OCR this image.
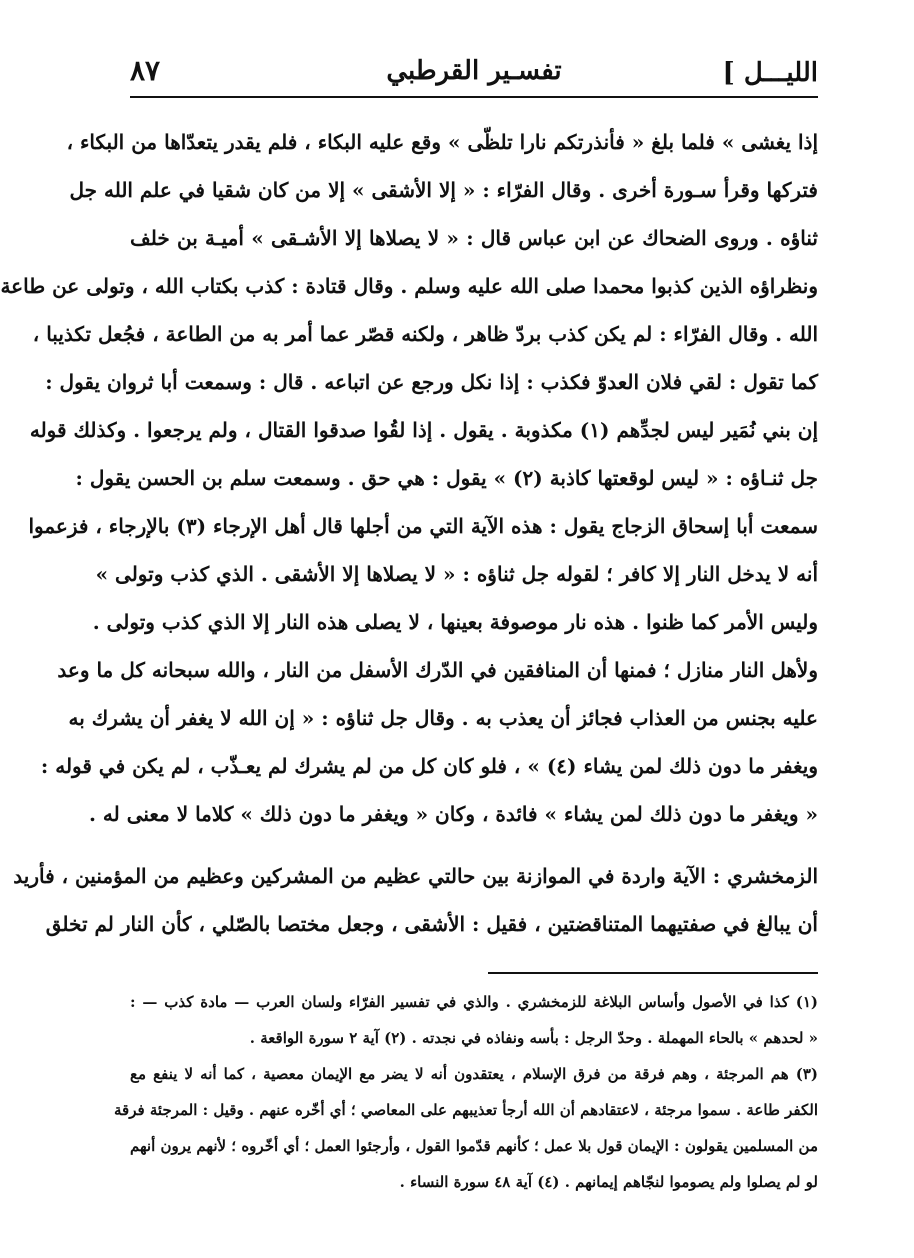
الليـــل ]
تفسـير القرطبي
٨٧
إذا يغشى » فلما بلغ « فأنذرتكم نارا تلظّى » وقع عليه البكاء ، فلم يقدر يتعدّاها من البكاء ،
فتركها وقرأ سـورة أخرى . وقال الفرّاء : « إلا الأشقى » إلا من كان شقيا في علم الله جل
ثناؤه . وروى الضحاك عن ابن عباس قال : « لا يصلاها إلا الأشـقى » أميـة بن خلف
ونظراؤه الذين كذبوا محمدا صلى الله عليه وسلم . وقال قتادة : كذب بكتاب الله ، وتولى عن طاعة
الله . وقال الفرّاء : لم يكن كذب بردّ ظاهر ، ولكنه قصّر عما أمر به من الطاعة ، فجُعل تكذيبا ،
كما تقول : لقي فلان العدوّ فكذب : إذا نكل ورجع عن اتباعه . قال : وسمعت أبا ثروان يقول :
إن بني نُمَير ليس لجدِّهم (١) مكذوبة . يقول . إذا لقُوا صدقوا القتال ، ولم يرجعوا . وكذلك قوله
جل ثنـاؤه : « ليس لوقعتها كاذبة (٢) » يقول : هي حق . وسمعت سلم بن الحسن يقول :
سمعت أبا إسحاق الزجاج يقول : هذه الآية التي من أجلها قال أهل الإرجاء (٣) بالإرجاء ، فزعموا
أنه لا يدخل النار إلا كافر ؛ لقوله جل ثناؤه : « لا يصلاها إلا الأشقى . الذي كذب وتولى »
وليس الأمر كما ظنوا . هذه نار موصوفة بعينها ، لا يصلى هذه النار إلا الذي كذب وتولى .
ولأهل النار منازل ؛ فمنها أن المنافقين في الدّرك الأسفل من النار ، والله سبحانه كل ما وعد
عليه بجنس من العذاب فجائز أن يعذب به . وقال جل ثناؤه : « إن الله لا يغفر أن يشرك به
ويغفر ما دون ذلك لمن يشاء (٤) » ، فلو كان كل من لم يشرك لم يعـذّب ، لم يكن في قوله :
« ويغفر ما دون ذلك لمن يشاء » فائدة ، وكان « ويغفر ما دون ذلك » كلاما لا معنى له .
الزمخشري : الآية واردة في الموازنة بين حالتي عظيم من المشركين وعظيم من المؤمنين ، فأريد
أن يبالغ في صفتيهما المتناقضتين ، فقيل : الأشقى ، وجعل مختصا بالصّلي ، كأن النار لم تخلق
(١) كذا في الأصول وأساس البلاغة للزمخشري . والذي في تفسير الفرّاء ولسان العرب — مادة كذب — :
« لحدهم » بالحاء المهملة . وحدّ الرجل : بأسه ونفاذه في نجدته . (٢) آية ٢ سورة الواقعة .
(٣) هم المرجئة ، وهم فرقة من فرق الإسلام ، يعتقدون أنه لا يضر مع الإيمان معصية ، كما أنه لا ينفع مع
الكفر طاعة . سموا مرجئة ، لاعتقادهم أن الله أرجأ تعذيبهم على المعاصي ؛ أي أخّره عنهم . وقيل : المرجئة فرقة
من المسلمين يقولون : الإيمان قول بلا عمل ؛ كأنهم قدّموا القول ، وأرجئوا العمل ؛ أي أخّروه ؛ لأنهم يرون أنهم
لو لم يصلوا ولم يصوموا لنجّاهم إيمانهم . (٤) آية ٤٨ سورة النساء .
